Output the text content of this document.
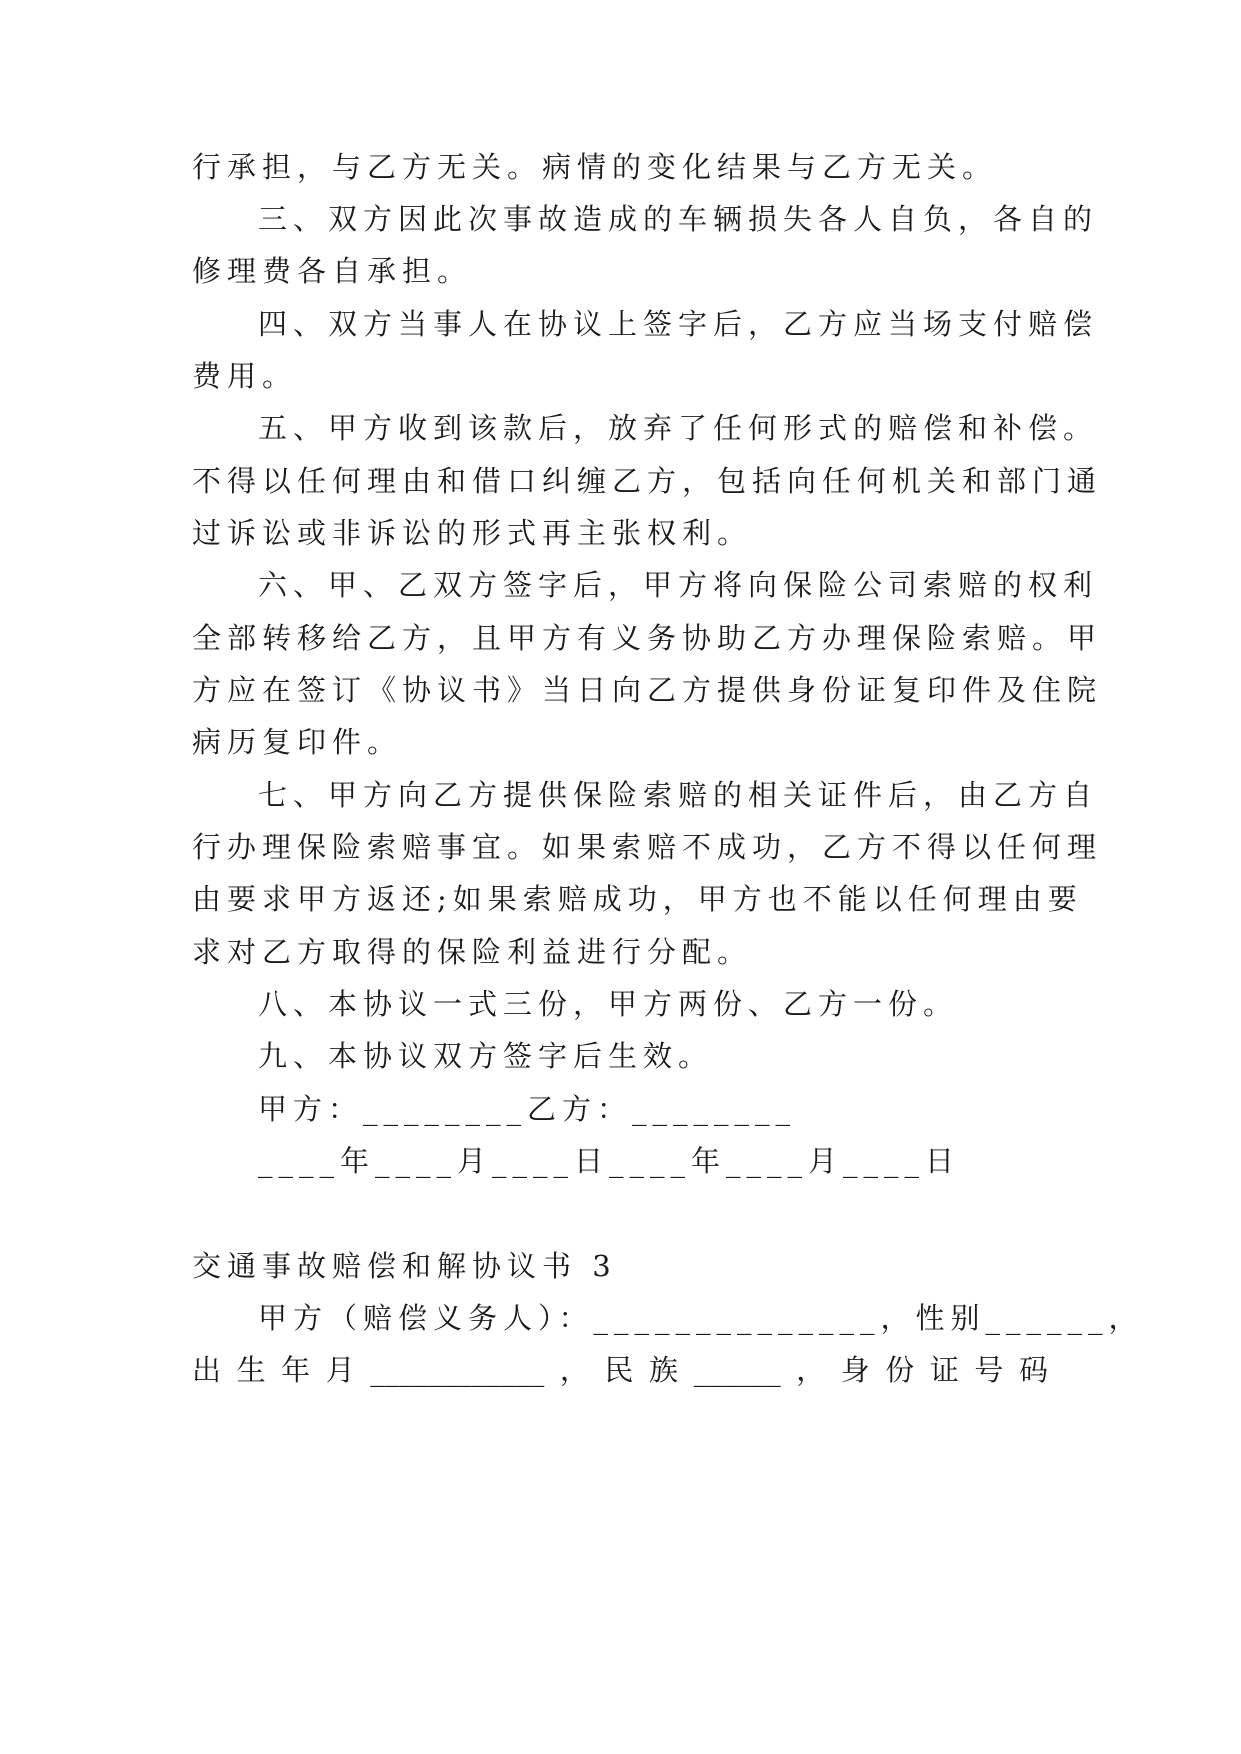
行承担，与乙方无关。病情的变化结果与乙方无关。
三、双方因此次事故造成的车辆损失各人自负，各自的
修理费各自承担。
四、双方当事人在协议上签字后，乙方应当场支付赔偿
费用。
五、甲方收到该款后，放弃了任何形式的赔偿和补偿。
不得以任何理由和借口纠缠乙方，包括向任何机关和部门通
过诉讼或非诉讼的形式再主张权利。
六、甲、乙双方签字后，甲方将向保险公司索赔的权利
全部转移给乙方，且甲方有义务协助乙方办理保险索赔。甲
方应在签订《协议书》当日向乙方提供身份证复印件及住院
病历复印件。
七、甲方向乙方提供保险索赔的相关证件后，由乙方自
行办理保险索赔事宜。如果索赔不成功，乙方不得以任何理
由要求甲方返还;如果索赔成功，甲方也不能以任何理由要
求对乙方取得的保险利益进行分配。
八、本协议一式三份，甲方两份、乙方一份。
九、本协议双方签字后生效。
甲方：________乙方：________
____年____月____日____年____月____日
交通事故赔偿和解协议书 3
甲方（赔偿义务人）：______________，性别______，
出生年月____________，民族______，身份证号码
